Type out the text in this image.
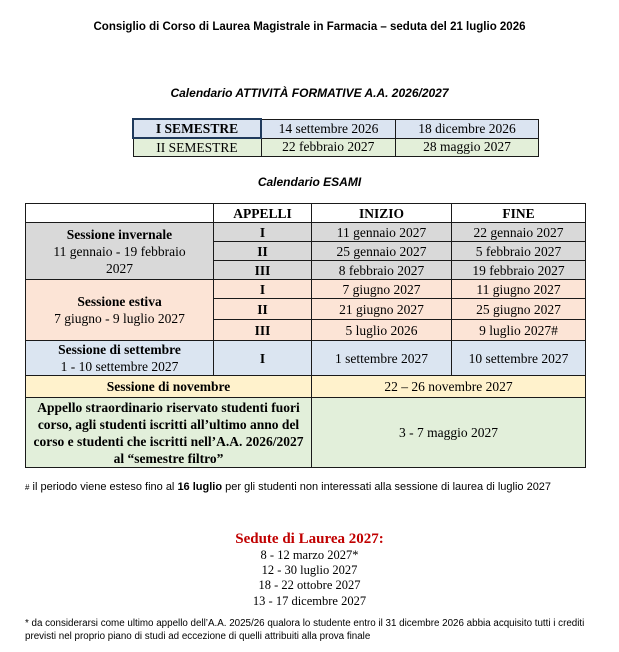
Consiglio di Corso di Laurea Magistrale in Farmacia – seduta del 21 luglio 2026
Calendario ATTIVITÀ FORMATIVE A.A. 2026/2027
I SEMESTRE	14 settembre 2026	18 dicembre 2026
II SEMESTRE	22 febbraio 2027	28 maggio 2027
Calendario ESAMI
	APPELLI	INIZIO	FINE

Sessione invernale
11 gennaio - 19 febbraio 2027	I	11 gennaio 2027	22 gennaio 2027
	II	25 gennaio 2027	5 febbraio 2027
	III	8 febbraio 2027	19 febbraio 2027

Sessione estiva
7 giugno - 9 luglio 2027	I	7 giugno 2027	11 giugno 2027
	II	21 giugno 2027	25 giugno 2027
	III	5 luglio 2026	9 luglio 2027#

Sessione di settembre
1 - 10 settembre 2027	I	1 settembre 2027	10 settembre 2027
Sessione di novembre		22 – 26 novembre 2027	
Appello straordinario riservato studenti fuori corso, agli studenti iscritti all’ultimo anno del corso e studenti che iscritti nell’A.A. 2026/2027 al “semestre filtro”		3 - 7 maggio 2027	
# il periodo viene esteso fino al 16 luglio per gli studenti non interessati alla sessione di laurea di luglio 2027
Sedute di Laurea 2027:
8 - 12 marzo 2027*
12 - 30 luglio 2027
18 - 22 ottobre 2027
13 - 17 dicembre 2027
* da considerarsi come ultimo appello dell’A.A. 2025/26 qualora lo studente entro il 31 dicembre 2026 abbia acquisito tutti i crediti previsti nel proprio piano di studi ad eccezione di quelli attribuiti alla prova finale
